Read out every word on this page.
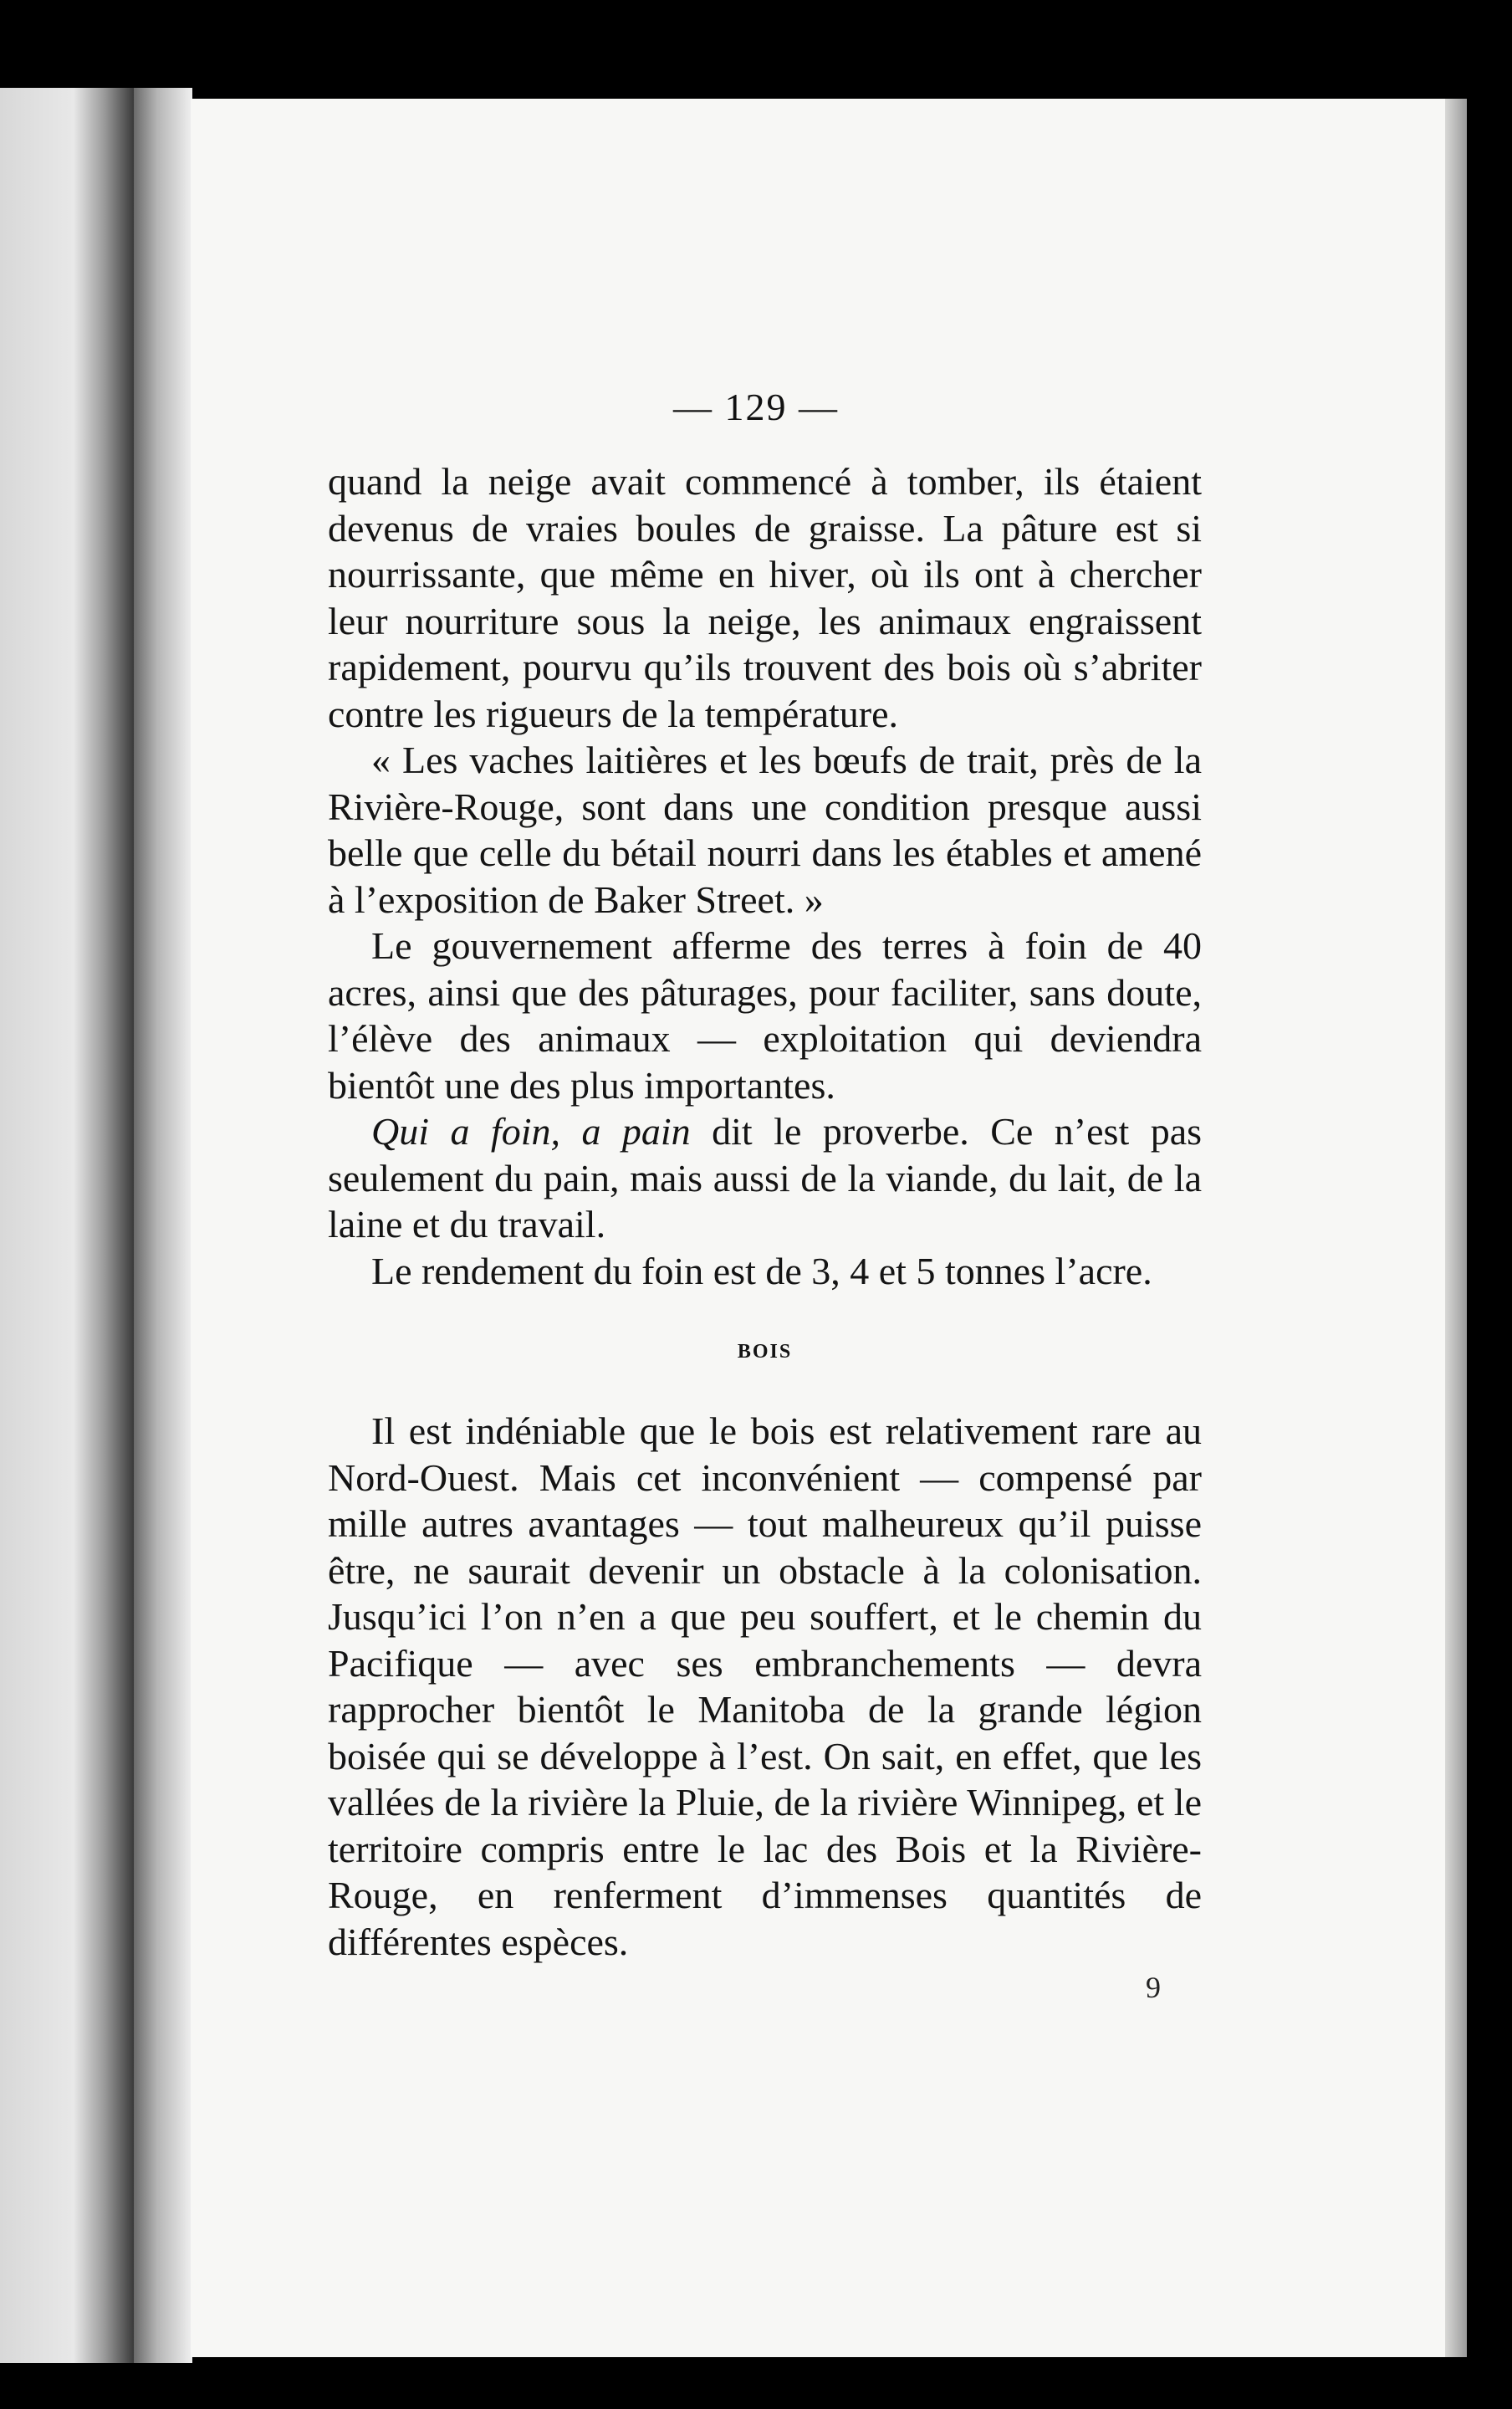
— 129 —

quand la neige avait commencé à tomber, ils étaient devenus de vraies boules de graisse. La pâture est si nourrissante, que même en hiver, où ils ont à chercher leur nourriture sous la neige, les animaux engraissent rapidement, pourvu qu’ils trouvent des bois où s’abriter contre les rigueurs de la température.

« Les vaches laitières et les bœufs de trait, près de la Rivière-Rouge, sont dans une condition presque aussi belle que celle du bétail nourri dans les étables et amené à l’exposition de Baker Street. »

Le gouvernement afferme des terres à foin de 40 acres, ainsi que des pâturages, pour faciliter, sans doute, l’élève des animaux — exploitation qui deviendra bientôt une des plus importantes.

Qui a foin, a pain dit le proverbe. Ce n’est pas seulement du pain, mais aussi de la viande, du lait, de la laine et du travail.

Le rendement du foin est de 3, 4 et 5 tonnes l’acre.

BOIS

Il est indéniable que le bois est relativement rare au Nord-Ouest. Mais cet inconvénient — compensé par mille autres avantages — tout malheureux qu’il puisse être, ne saurait devenir un obstacle à la colonisation. Jusqu’ici l’on n’en a que peu souffert, et le chemin du Pacifique — avec ses embranchements — devra rapprocher bientôt le Manitoba de la grande légion boisée qui se développe à l’est. On sait, en effet, que les vallées de la rivière la Pluie, de la rivière Winnipeg, et le territoire compris entre le lac des Bois et la Rivière-Rouge, en renferment d’immenses quantités de différentes espèces.

9
